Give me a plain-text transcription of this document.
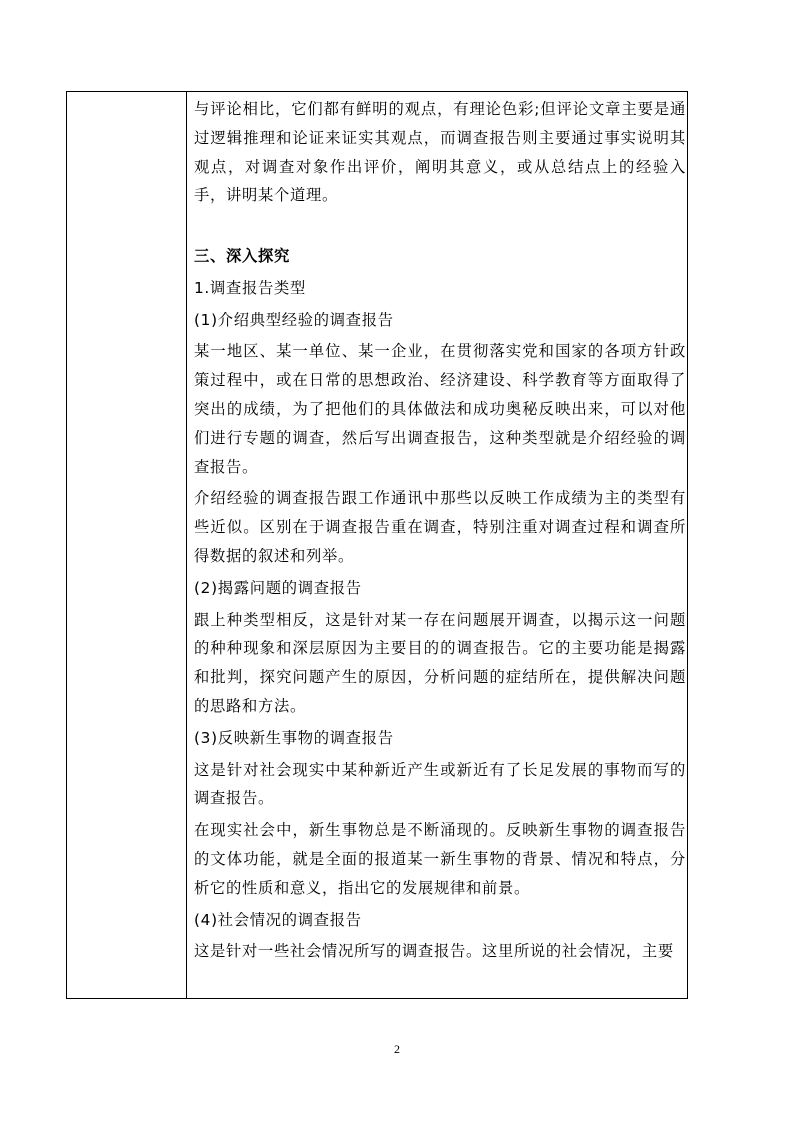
与评论相比，它们都有鲜明的观点，有理论色彩;但评论文章主要是通过逻辑推理和论证来证实其观点，而调查报告则主要通过事实说明其观点，对调查对象作出评价，阐明其意义，或从总结点上的经验入手，讲明某个道理。

三、深入探究

1.调查报告类型

(1)介绍典型经验的调查报告

某一地区、某一单位、某一企业，在贯彻落实党和国家的各项方针政策过程中，或在日常的思想政治、经济建设、科学教育等方面取得了突出的成绩，为了把他们的具体做法和成功奥秘反映出来，可以对他们进行专题的调查，然后写出调查报告，这种类型就是介绍经验的调查报告。

介绍经验的调查报告跟工作通讯中那些以反映工作成绩为主的类型有些近似。区别在于调查报告重在调查，特别注重对调查过程和调查所得数据的叙述和列举。

(2)揭露问题的调查报告

跟上种类型相反，这是针对某一存在问题展开调查，以揭示这一问题的种种现象和深层原因为主要目的的调查报告。它的主要功能是揭露和批判，探究问题产生的原因，分析问题的症结所在，提供解决问题的思路和方法。

(3)反映新生事物的调查报告

这是针对社会现实中某种新近产生或新近有了长足发展的事物而写的调查报告。

在现实社会中，新生事物总是不断涌现的。反映新生事物的调查报告的文体功能，就是全面的报道某一新生事物的背景、情况和特点，分析它的性质和意义，指出它的发展规律和前景。

(4)社会情况的调查报告

这是针对一些社会情况所写的调查报告。这里所说的社会情况，主要

2
